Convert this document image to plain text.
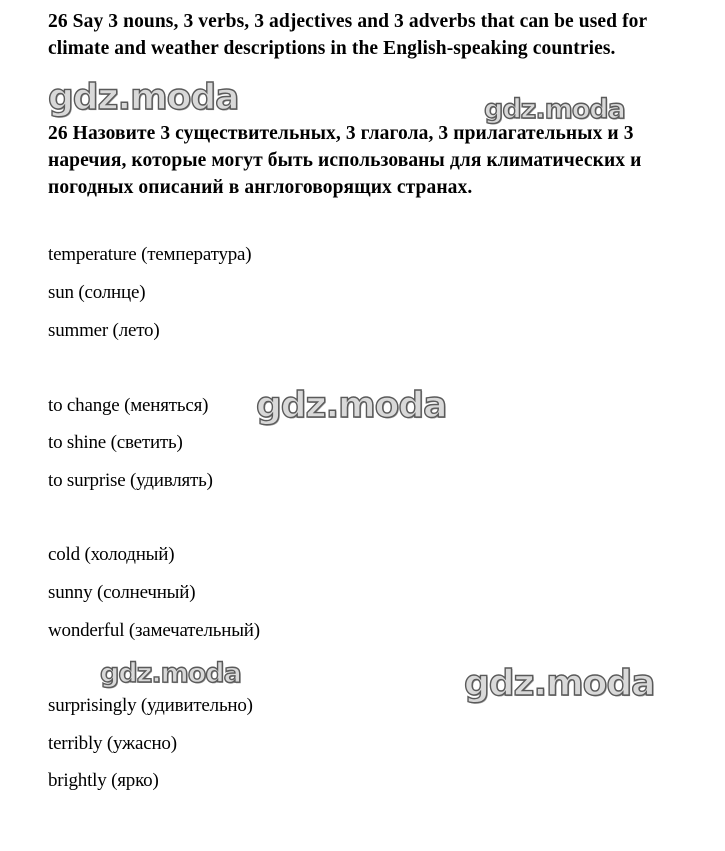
26 Say 3 nouns, 3 verbs, 3 adjectives and 3 adverbs that can be used for climate and weather descriptions in the English-speaking countries.

26 Назовите 3 существительных, 3 глагола, 3 прилагательных и 3 наречия, которые могут быть использованы для климатических и погодных описаний в англоговорящих странах.

temperature (температура)
sun (солнце)
summer (лето)
to change (меняться)
to shine (светить)
to surprise (удивлять)
cold (холодный)
sunny (солнечный)
wonderful (замечательный)
surprisingly (удивительно)
terribly (ужасно)
brightly (ярко)
gdz.moda	gdz.moda
gdz.moda
gdz.moda	gdz.moda
